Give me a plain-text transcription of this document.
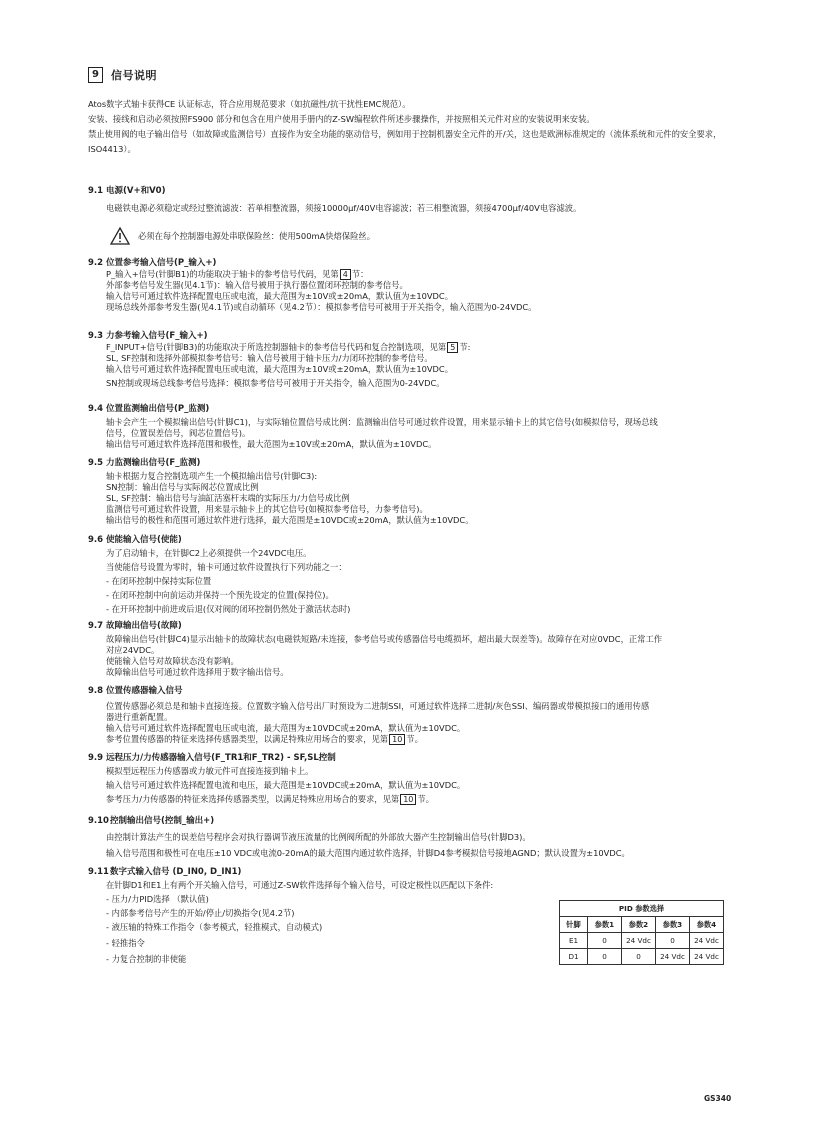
9	信号说明

Atos数字式轴卡获得CE 认证标志，符合应用规范要求（如抗磁性/抗干扰性EMC规范）。

安装、接线和启动必须按照FS900 部分和包含在用户使用手册内的Z-SW编程软件所述步骤操作，并按照相关元件对应的安装说明来安装。

禁止使用阀的电子输出信号（如故障或监测信号）直接作为安全功能的驱动信号，例如用于控制机器安全元件的开/关，这也是欧洲标准规定的（流体系统和元件的安全要求，ISO4413）。

9.1 电源(V+和V0)

电磁铁电源必须稳定或经过整流滤波：若单相整流器，须接10000μf/40V电容滤波；若三相整流器，须接4700μf/40V电容滤波。

必须在每个控制器电源处串联保险丝：使用500mA快熔保险丝。
9.2 位置参考输入信号(P_输入+)

P_输入+信号(针脚B1)的功能取决于轴卡的参考信号代码，见第 4 节：

外部参考信号发生器(见4.1节)：输入信号被用于执行器位置闭环控制的参考信号。

输入信号可通过软件选择配置电压或电流，最大范围为±10V或±20mA，默认值为±10VDC。

现场总线外部参考发生器(见4.1节)或自动循环（见4.2节）：模拟参考信号可被用于开关指令，输入范围为0-24VDC。

9.3 力参考输入信号(F_输入+)

F_INPUT+信号(针脚B3)的功能取决于所选控制器轴卡的参考信号代码和复合控制选项，见第 5 节:

SL, SF控制和选择外部模拟参考信号：输入信号被用于轴卡压力/力闭环控制的参考信号。

输入信号可通过软件选择配置电压或电流，最大范围为±10V或±20mA，默认值为±10VDC。

SN控制或现场总线参考信号选择：模拟参考信号可被用于开关指令，输入范围为0-24VDC。

9.4 位置监测输出信号(P_监测)

轴卡会产生一个模拟输出信号(针脚C1)，与实际轴位置信号成比例：监测输出信号可通过软件设置，用来显示轴卡上的其它信号(如模拟信号，现场总线

信号，位置误差信号，阀芯位置信号)。

输出信号可通过软件选择范围和极性，最大范围为±10V或±20mA，默认值为±10VDC。

9.5 力监测输出信号(F_监测)

轴卡根据力复合控制选项产生一个模拟输出信号(针脚C3):

SN控制：输出信号与实际阀芯位置成比例

SL, SF控制：输出信号与油缸活塞杆末端的实际压力/力信号成比例

监测信号可通过软件设置，用来显示轴卡上的其它信号(如模拟参考信号，力参考信号)。

输出信号的极性和范围可通过软件进行选择，最大范围是±10VDC或±20mA，默认值为±10VDC。

9.6 使能输入信号(使能)

为了启动轴卡，在针脚C2上必须提供一个24VDC电压。

当使能信号设置为零时，轴卡可通过软件设置执行下列功能之一：

- 在闭环控制中保持实际位置

- 在闭环控制中向前运动并保持一个预先设定的位置(保持位)。

- 在开环控制中前进或后退(仅对阀的闭环控制仍然处于激活状态时)

9.7 故障输出信号(故障)

故障输出信号(针脚C4)显示出轴卡的故障状态(电磁铁短路/未连接，参考信号或传感器信号电缆损坏，超出最大误差等)。故障存在对应0VDC，正常工作

对应24VDC。

使能输入信号对故障状态没有影响。

故障输出信号可通过软件选择用于数字输出信号。

9.8 位置传感器输入信号

位置传感器必须总是和轴卡直接连接。位置数字输入信号出厂时预设为二进制SSI，可通过软件选择二进制/灰色SSI、编码器或带模拟接口的通用传感

器进行重新配置。

输入信号可通过软件选择配置电压或电流，最大范围为±10VDC或±20mA，默认值为±10VDC。

参考位置传感器的特征来选择传感器类型，以满足特殊应用场合的要求，见第 10 节。

9.9 远程压力/力传感器输入信号(F_TR1和F_TR2) - SF,SL控制

模拟型远程压力传感器或力敏元件可直接连接到轴卡上。

输入信号可通过软件选择配置电流和电压，最大范围是±10VDC或±20mA，默认值为±10VDC。

参考压力/力传感器的特征来选择传感器类型，以满足特殊应用场合的要求，见第 10 节。

9.10 控制输出信号(控制_输出+)

由控制计算法产生的误差信号程序会对执行器调节液压流量的比例阀所配的外部放大器产生控制输出信号(针脚D3)。

输入信号范围和极性可在电压±10 VDC或电流0-20mA的最大范围内通过软件选择，针脚D4参考模拟信号接地AGND；默认设置为±10VDC。

9.11 数字式输入信号 (D_IN0, D_IN1)

在针脚D1和E1上有两个开关输入信号，可通过Z-SW软件选择每个输入信号，可设定极性以匹配以下条件:

- 压力/力PID选择 （默认值)

- 内部参考信号产生的开始/停止/切换指令(见4.2节)

- 液压轴的特殊工作指令（参考模式，轻推模式，自动模式)

- 轻推指令

- 力复合控制的非使能

PID 参数选择				
针脚	参数1	参数2	参数3	参数4
E1	0	24 Vdc	0	24 Vdc
D1	0	0	24 Vdc	24 Vdc
GS340
